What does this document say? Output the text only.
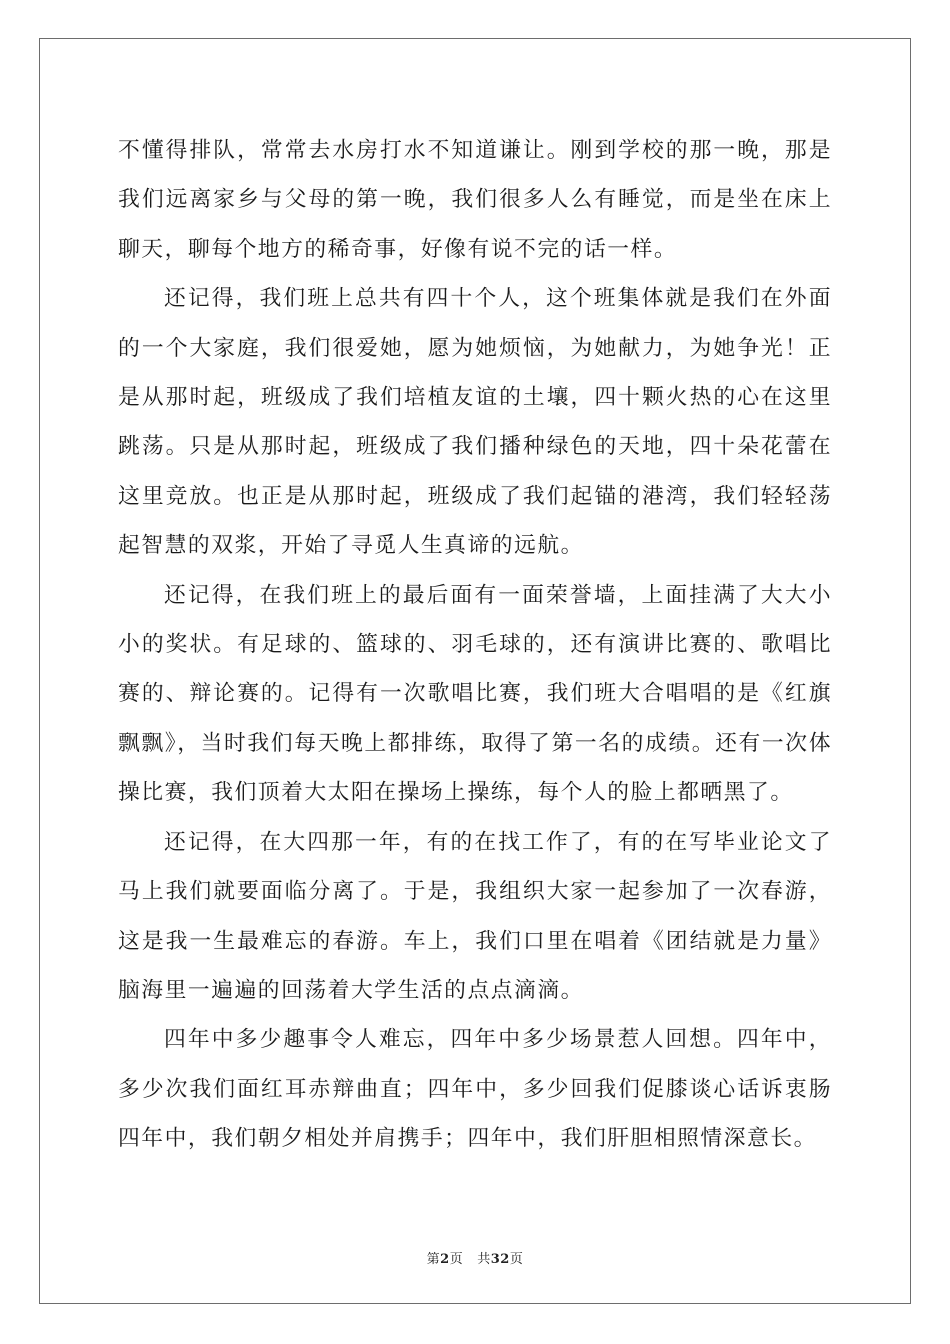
不懂得排队，常常去水房打水不知道谦让。刚到学校的那一晚，那是我们远离家乡与父母的第一晚，我们很多人么有睡觉，而是坐在床上聊天，聊每个地方的稀奇事，好像有说不完的话一样。

还记得，我们班上总共有四十个人，这个班集体就是我们在外面的一个大家庭，我们很爱她，愿为她烦恼，为她献力，为她争光！正是从那时起，班级成了我们培植友谊的土壤，四十颗火热的心在这里跳荡。只是从那时起，班级成了我们播种绿色的天地，四十朵花蕾在这里竞放。也正是从那时起，班级成了我们起锚的港湾，我们轻轻荡起智慧的双浆，开始了寻觅人生真谛的远航。

还记得，在我们班上的最后面有一面荣誉墙，上面挂满了大大小小的奖状。有足球的、篮球的、羽毛球的，还有演讲比赛的、歌唱比赛的、辩论赛的。记得有一次歌唱比赛，我们班大合唱唱的是《红旗飘飘》，当时我们每天晚上都排练，取得了第一名的成绩。还有一次体操比赛，我们顶着大太阳在操场上操练，每个人的脸上都晒黑了。

还记得，在大四那一年，有的在找工作了，有的在写毕业论文了马上我们就要面临分离了。于是，我组织大家一起参加了一次春游，这是我一生最难忘的春游。车上，我们口里在唱着《团结就是力量》脑海里一遍遍的回荡着大学生活的点点滴滴。

四年中多少趣事令人难忘，四年中多少场景惹人回想。四年中，多少次我们面红耳赤辩曲直；四年中，多少回我们促膝谈心话诉衷肠四年中，我们朝夕相处并肩携手；四年中，我们肝胆相照情深意长。

第2页 共32页
